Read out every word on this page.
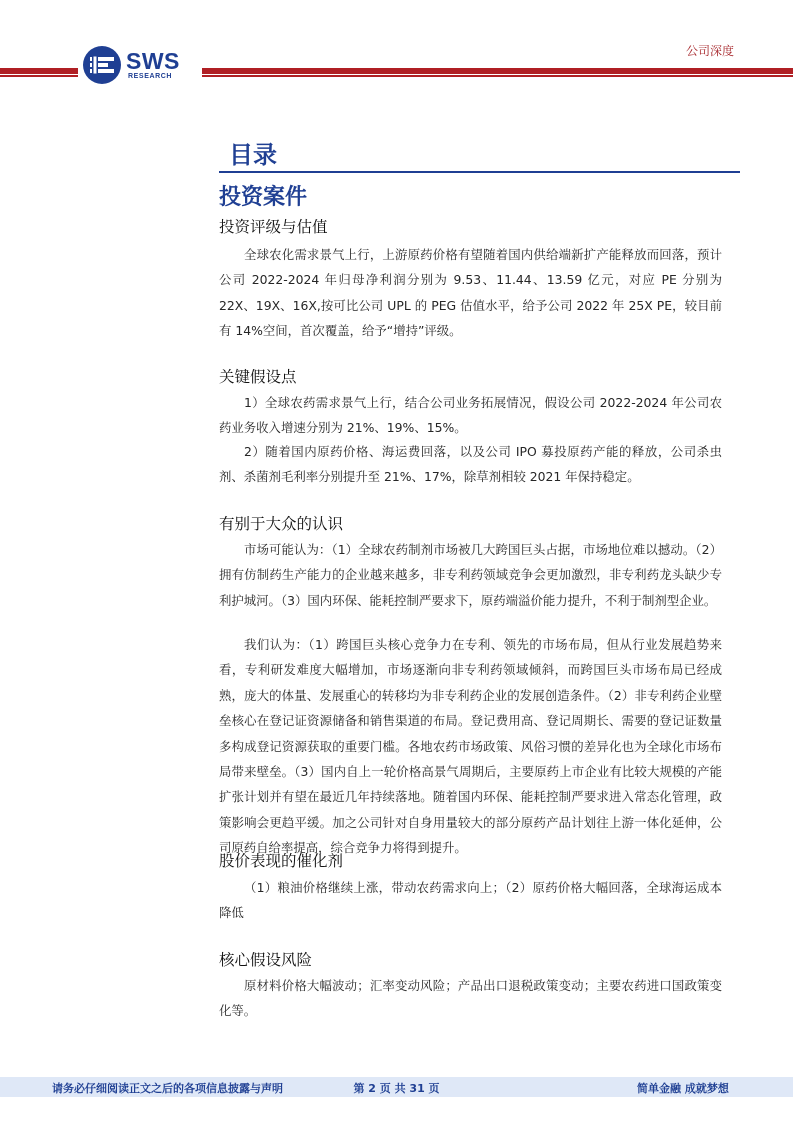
SWS
RESEARCH
公司深度
目录
投资案件
投资评级与估值

全球农化需求景气上行，上游原药价格有望随着国内供给端新扩产能释放而回落，预计公司 2022-2024 年归母净利润分别为 9.53、11.44、13.59 亿元，对应 PE 分别为 22X、19X、16X,按可比公司 UPL 的 PEG 估值水平，给予公司 2022 年 25X PE，较目前有 14%空间，首次覆盖，给予“增持”评级。

关键假设点

1）全球农药需求景气上行，结合公司业务拓展情况，假设公司 2022-2024 年公司农药业务收入增速分别为 21%、19%、15%。

2）随着国内原药价格、海运费回落，以及公司 IPO 募投原药产能的释放，公司杀虫剂、杀菌剂毛利率分别提升至 21%、17%，除草剂相较 2021 年保持稳定。

有别于大众的认识

市场可能认为：（1）全球农药制剂市场被几大跨国巨头占据，市场地位难以撼动。（2）拥有仿制药生产能力的企业越来越多，非专利药领域竞争会更加激烈，非专利药龙头缺少专利护城河。（3）国内环保、能耗控制严要求下，原药端溢价能力提升，不利于制剂型企业。

我们认为：（1）跨国巨头核心竞争力在专利、领先的市场布局，但从行业发展趋势来看，专利研发难度大幅增加，市场逐渐向非专利药领域倾斜，而跨国巨头市场布局已经成熟，庞大的体量、发展重心的转移均为非专利药企业的发展创造条件。（2）非专利药企业壁垒核心在登记证资源储备和销售渠道的布局。登记费用高、登记周期长、需要的登记证数量多构成登记资源获取的重要门槛。各地农药市场政策、风俗习惯的差异化也为全球化市场布局带来壁垒。（3）国内自上一轮价格高景气周期后，主要原药上市企业有比较大规模的产能扩张计划并有望在最近几年持续落地。随着国内环保、能耗控制严要求进入常态化管理，政策影响会更趋平缓。加之公司针对自身用量较大的部分原药产品计划往上游一体化延伸，公司原药自给率提高，综合竞争力将得到提升。

股价表现的催化剂

（1）粮油价格继续上涨，带动农药需求向上；（2）原药价格大幅回落，全球海运成本降低

核心假设风险

原材料价格大幅波动；汇率变动风险；产品出口退税政策变动；主要农药进口国政策变化等。

请务必仔细阅读正文之后的各项信息披露与声明	第 2 页 共 31 页	简单金融 成就梦想
